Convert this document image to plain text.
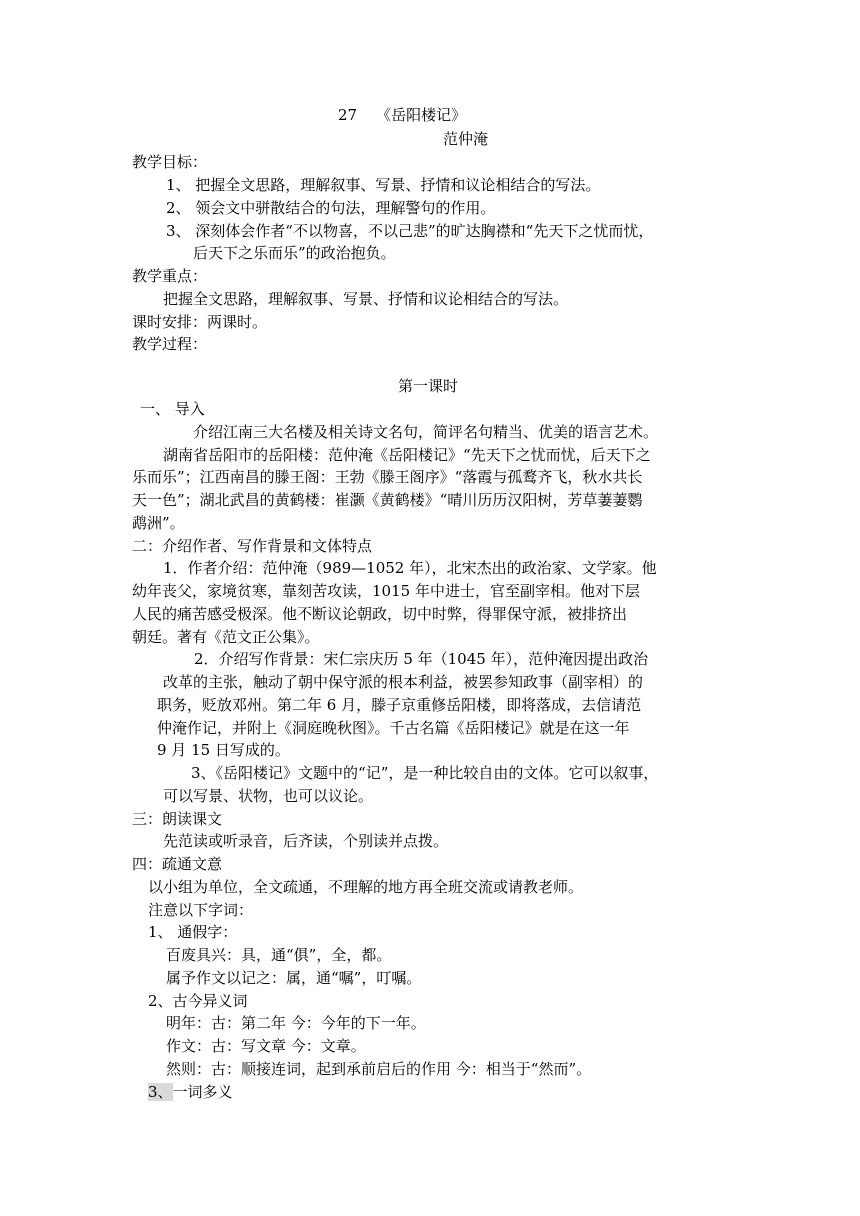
27 《岳阳楼记》
范仲淹
教学目标：
1、 把握全文思路，理解叙事、写景、抒情和议论相结合的写法。
2、 领会文中骈散结合的句法，理解警句的作用。
3、 深刻体会作者“不以物喜，不以己悲”的旷达胸襟和“先天下之忧而忧，
后天下之乐而乐”的政治抱负。
教学重点：
把握全文思路，理解叙事、写景、抒情和议论相结合的写法。
课时安排：两课时。
教学过程：
第一课时
一、 导入
介绍江南三大名楼及相关诗文名句，简评名句精当、优美的语言艺术。
湖南省岳阳市的岳阳楼：范仲淹《岳阳楼记》“先天下之忧而忧，后天下之
乐而乐”；江西南昌的滕王阁：王勃《滕王阁序》“落霞与孤鹜齐飞，秋水共长
天一色”；湖北武昌的黄鹤楼：崔灏《黄鹤楼》“晴川历历汉阳树，芳草萋萋鹦
鹉洲”。
二：介绍作者、写作背景和文体特点
1．作者介绍：范仲淹（989—1052 年），北宋杰出的政治家、文学家。他
幼年丧父，家境贫寒，靠刻苦攻读，1015 年中进士，官至副宰相。他对下层
人民的痛苦感受极深。他不断议论朝政，切中时弊，得罪保守派，被排挤出
朝廷。著有《范文正公集》。
2．介绍写作背景：宋仁宗庆历 5 年（1045 年），范仲淹因提出政治
改革的主张，触动了朝中保守派的根本利益，被罢参知政事（副宰相）的
职务，贬放邓州。第二年 6 月，滕子京重修岳阳楼，即将落成，去信请范
仲淹作记，并附上《洞庭晚秋图》。千古名篇《岳阳楼记》就是在这一年
9 月 15 日写成的。
3、《岳阳楼记》文题中的“记”，是一种比较自由的文体。它可以叙事，
可以写景、状物，也可以议论。
三：朗读课文
先范读或听录音，后齐读，个别读并点拨。
四：疏通文意
以小组为单位，全文疏通，不理解的地方再全班交流或请教老师。
注意以下字词：
1、 通假字：
百废具兴：具，通“俱”，全，都。
属予作文以记之：属，通“嘱”，叮嘱。
2、古今异义词
明年：古：第二年 今：今年的下一年。
作文：古：写文章 今：文章。
然则：古：顺接连词，起到承前启后的作用 今：相当于“然而”。
3、一词多义
